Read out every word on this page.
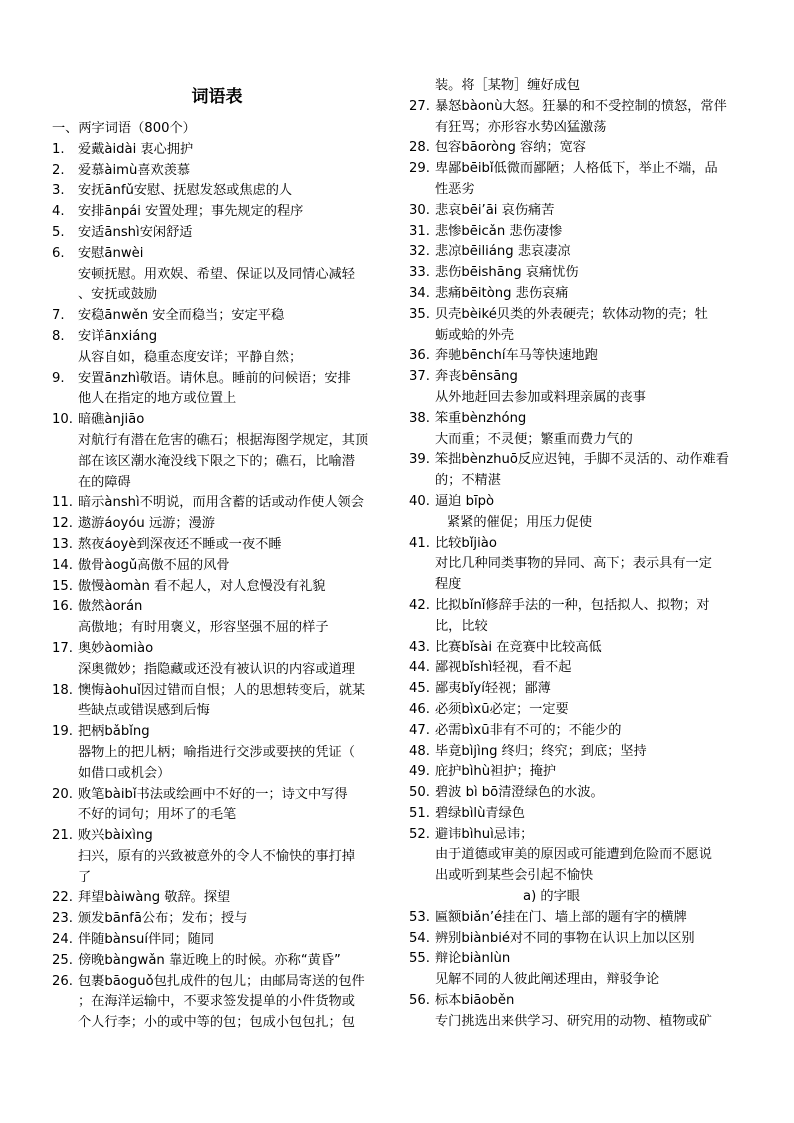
词语表
一、两字词语（800个）
1. 爱戴àidài 衷心拥护
2. 爱慕àimù喜欢羡慕
3. 安抚ānfǔ安慰、抚慰发怒或焦虑的人
4. 安排ānpái 安置处理；事先规定的程序
5. 安适ānshì安闲舒适
6. 安慰ānwèi
安顿抚慰。用欢娱、希望、保证以及同情心减轻
、安抚或鼓励
7. 安稳ānwěn 安全而稳当；安定平稳
8. 安详ānxiáng
从容自如，稳重态度安详；平静自然；
9. 安置ānzhì敬语。请休息。睡前的问候语；安排
他人在指定的地方或位置上
10. 暗礁ànjiāo
对航行有潜在危害的礁石；根据海图学规定，其顶
部在该区潮水淹没线下限之下的；礁石，比喻潜
在的障碍
11. 暗示ànshì不明说，而用含蓄的话或动作使人领会
12. 遨游áoyóu 远游；漫游
13. 熬夜áoyè到深夜还不睡或一夜不睡
14. 傲骨àogǔ高傲不屈的风骨
15. 傲慢àomàn 看不起人，对人怠慢没有礼貌
16. 傲然àorán
高傲地；有时用褒义，形容坚强不屈的样子
17. 奥妙àomiào
深奥微妙；指隐藏或还没有被认识的内容或道理
18. 懊悔àohuǐ因过错而自恨；人的思想转变后，就某
些缺点或错误感到后悔
19. 把柄bǎbǐng
器物上的把儿柄；喻指进行交涉或要挟的凭证（
如借口或机会）
20. 败笔bàibǐ书法或绘画中不好的一；诗文中写得
不好的词句；用坏了的毛笔
21. 败兴bàixìng
扫兴，原有的兴致被意外的令人不愉快的事打掉
了
22. 拜望bàiwàng 敬辞。探望
23. 颁发bānfā公布；发布；授与
24. 伴随bànsuí伴同；随同
25. 傍晚bàngwǎn 靠近晚上的时候。亦称“黄昏”
26. 包裹bāoguǒ包扎成件的包儿；由邮局寄送的包件
；在海洋运输中，不要求签发提单的小件货物或
个人行李；小的或中等的包；包成小包包扎；包
装。将［某物］缠好成包
27. 暴怒bàonù大怒。狂暴的和不受控制的愤怒，常伴
有狂骂；亦形容水势凶猛激荡
28. 包容bāoròng 容纳；宽容
29. 卑鄙bēibǐ低微而鄙陋；人格低下，举止不端，品
性恶劣
30. 悲哀bēi’āi 哀伤痛苦
31. 悲惨bēicǎn 悲伤凄惨
32. 悲凉bēiliáng 悲哀凄凉
33. 悲伤bēishāng 哀痛忧伤
34. 悲痛bēitòng 悲伤哀痛
35. 贝壳bèiké贝类的外表硬壳；软体动物的壳；牡
蛎或蛤的外壳
36. 奔驰bēnchí车马等快速地跑
37. 奔丧bēnsāng
从外地赶回去参加或料理亲属的丧事
38. 笨重bènzhóng
大而重；不灵便；繁重而费力气的
39. 笨拙bènzhuō反应迟钝，手脚不灵活的、动作难看
的；不精湛
40. 逼迫 bīpò
紧紧的催促；用压力促使
41. 比较bǐjiào
对比几种同类事物的异同、高下；表示具有一定
程度
42. 比拟bǐnǐ修辞手法的一种，包括拟人、拟物；对
比，比较
43. 比赛bǐsài 在竞赛中比较高低
44. 鄙视bǐshì轻视，看不起
45. 鄙夷bǐyí轻视；鄙薄
46. 必须bìxū必定；一定要
47. 必需bìxū非有不可的；不能少的
48. 毕竟bìjìng 终归；终究；到底；坚持
49. 庇护bìhù袒护；掩护
50. 碧波 bì bō清澄绿色的水波。
51. 碧绿bìlù青绿色
52. 避讳bìhuì忌讳；
由于道德或审美的原因或可能遭到危险而不愿说
出或听到某些会引起不愉快
a) 的字眼
53. 匾额biǎn’é挂在门、墙上部的题有字的横牌
54. 辨别biànbié对不同的事物在认识上加以区别
55. 辩论biànlùn
见解不同的人彼此阐述理由，辩驳争论
56. 标本biāoběn
专门挑选出来供学习、研究用的动物、植物或矿
